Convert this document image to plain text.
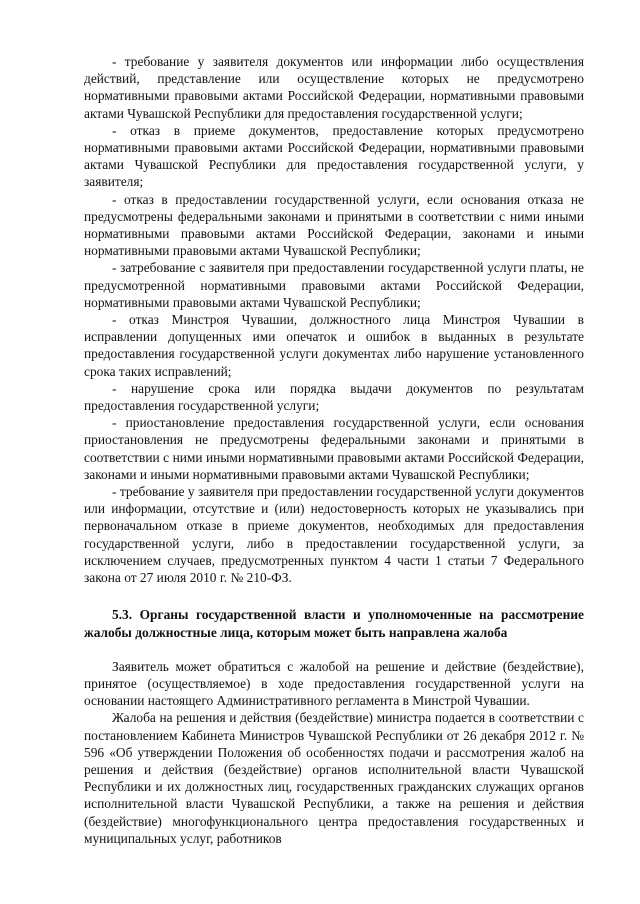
- требование у заявителя документов или информации либо осуществления действий, представление или осуществление которых не предусмотрено нормативными правовыми актами Российской Федерации, нормативными правовыми актами Чувашской Республики для предоставления государственной услуги;

- отказ в приеме документов, предоставление которых предусмотрено нормативными правовыми актами Российской Федерации, нормативными правовыми актами Чувашской Республики для предоставления государственной услуги, у заявителя;

- отказ в предоставлении государственной услуги, если основания отказа не предусмотрены федеральными законами и принятыми в соответствии с ними иными нормативными правовыми актами Российской Федерации, законами и иными нормативными правовыми актами Чувашской Республики;

- затребование с заявителя при предоставлении государственной услуги платы, не предусмотренной нормативными правовыми актами Российской Федерации, нормативными правовыми актами Чувашской Республики;

- отказ Минстроя Чувашии, должностного лица Минстроя Чувашии в исправлении допущенных ими опечаток и ошибок в выданных в результате предоставления государственной услуги документах либо нарушение установленного срока таких исправлений;

- нарушение срока или порядка выдачи документов по результатам предоставления государственной услуги;

- приостановление предоставления государственной услуги, если основания приостановления не предусмотрены федеральными законами и принятыми в соответствии с ними иными нормативными правовыми актами Российской Федерации, законами и иными нормативными правовыми актами Чувашской Республики;

- требование у заявителя при предоставлении государственной услуги документов или информации, отсутствие и (или) недостоверность которых не указывались при первоначальном отказе в приеме документов, необходимых для предоставления государственной услуги, либо в предоставлении государственной услуги, за исключением случаев, предусмотренных пунктом 4 части 1 статьи 7 Федерального закона от 27 июля 2010 г. № 210-ФЗ.

5.3. Органы государственной власти и уполномоченные на рассмотрение жалобы должностные лица, которым может быть направлена жалоба

Заявитель может обратиться с жалобой на решение и действие (бездействие), принятое (осуществляемое) в ходе предоставления государственной услуги на основании настоящего Административного регламента в Минстрой Чувашии.

Жалоба на решения и действия (бездействие) министра подается в соответствии с постановлением Кабинета Министров Чувашской Республики от 26 декабря 2012 г. № 596 «Об утверждении Положения об особенностях подачи и рассмотрения жалоб на решения и действия (бездействие) органов исполнительной власти Чувашской Республики и их должностных лиц, государственных гражданских служащих органов исполнительной власти Чувашской Республики, а также на решения и действия (бездействие) многофункционального центра предоставления государственных и муниципальных услуг, работников
